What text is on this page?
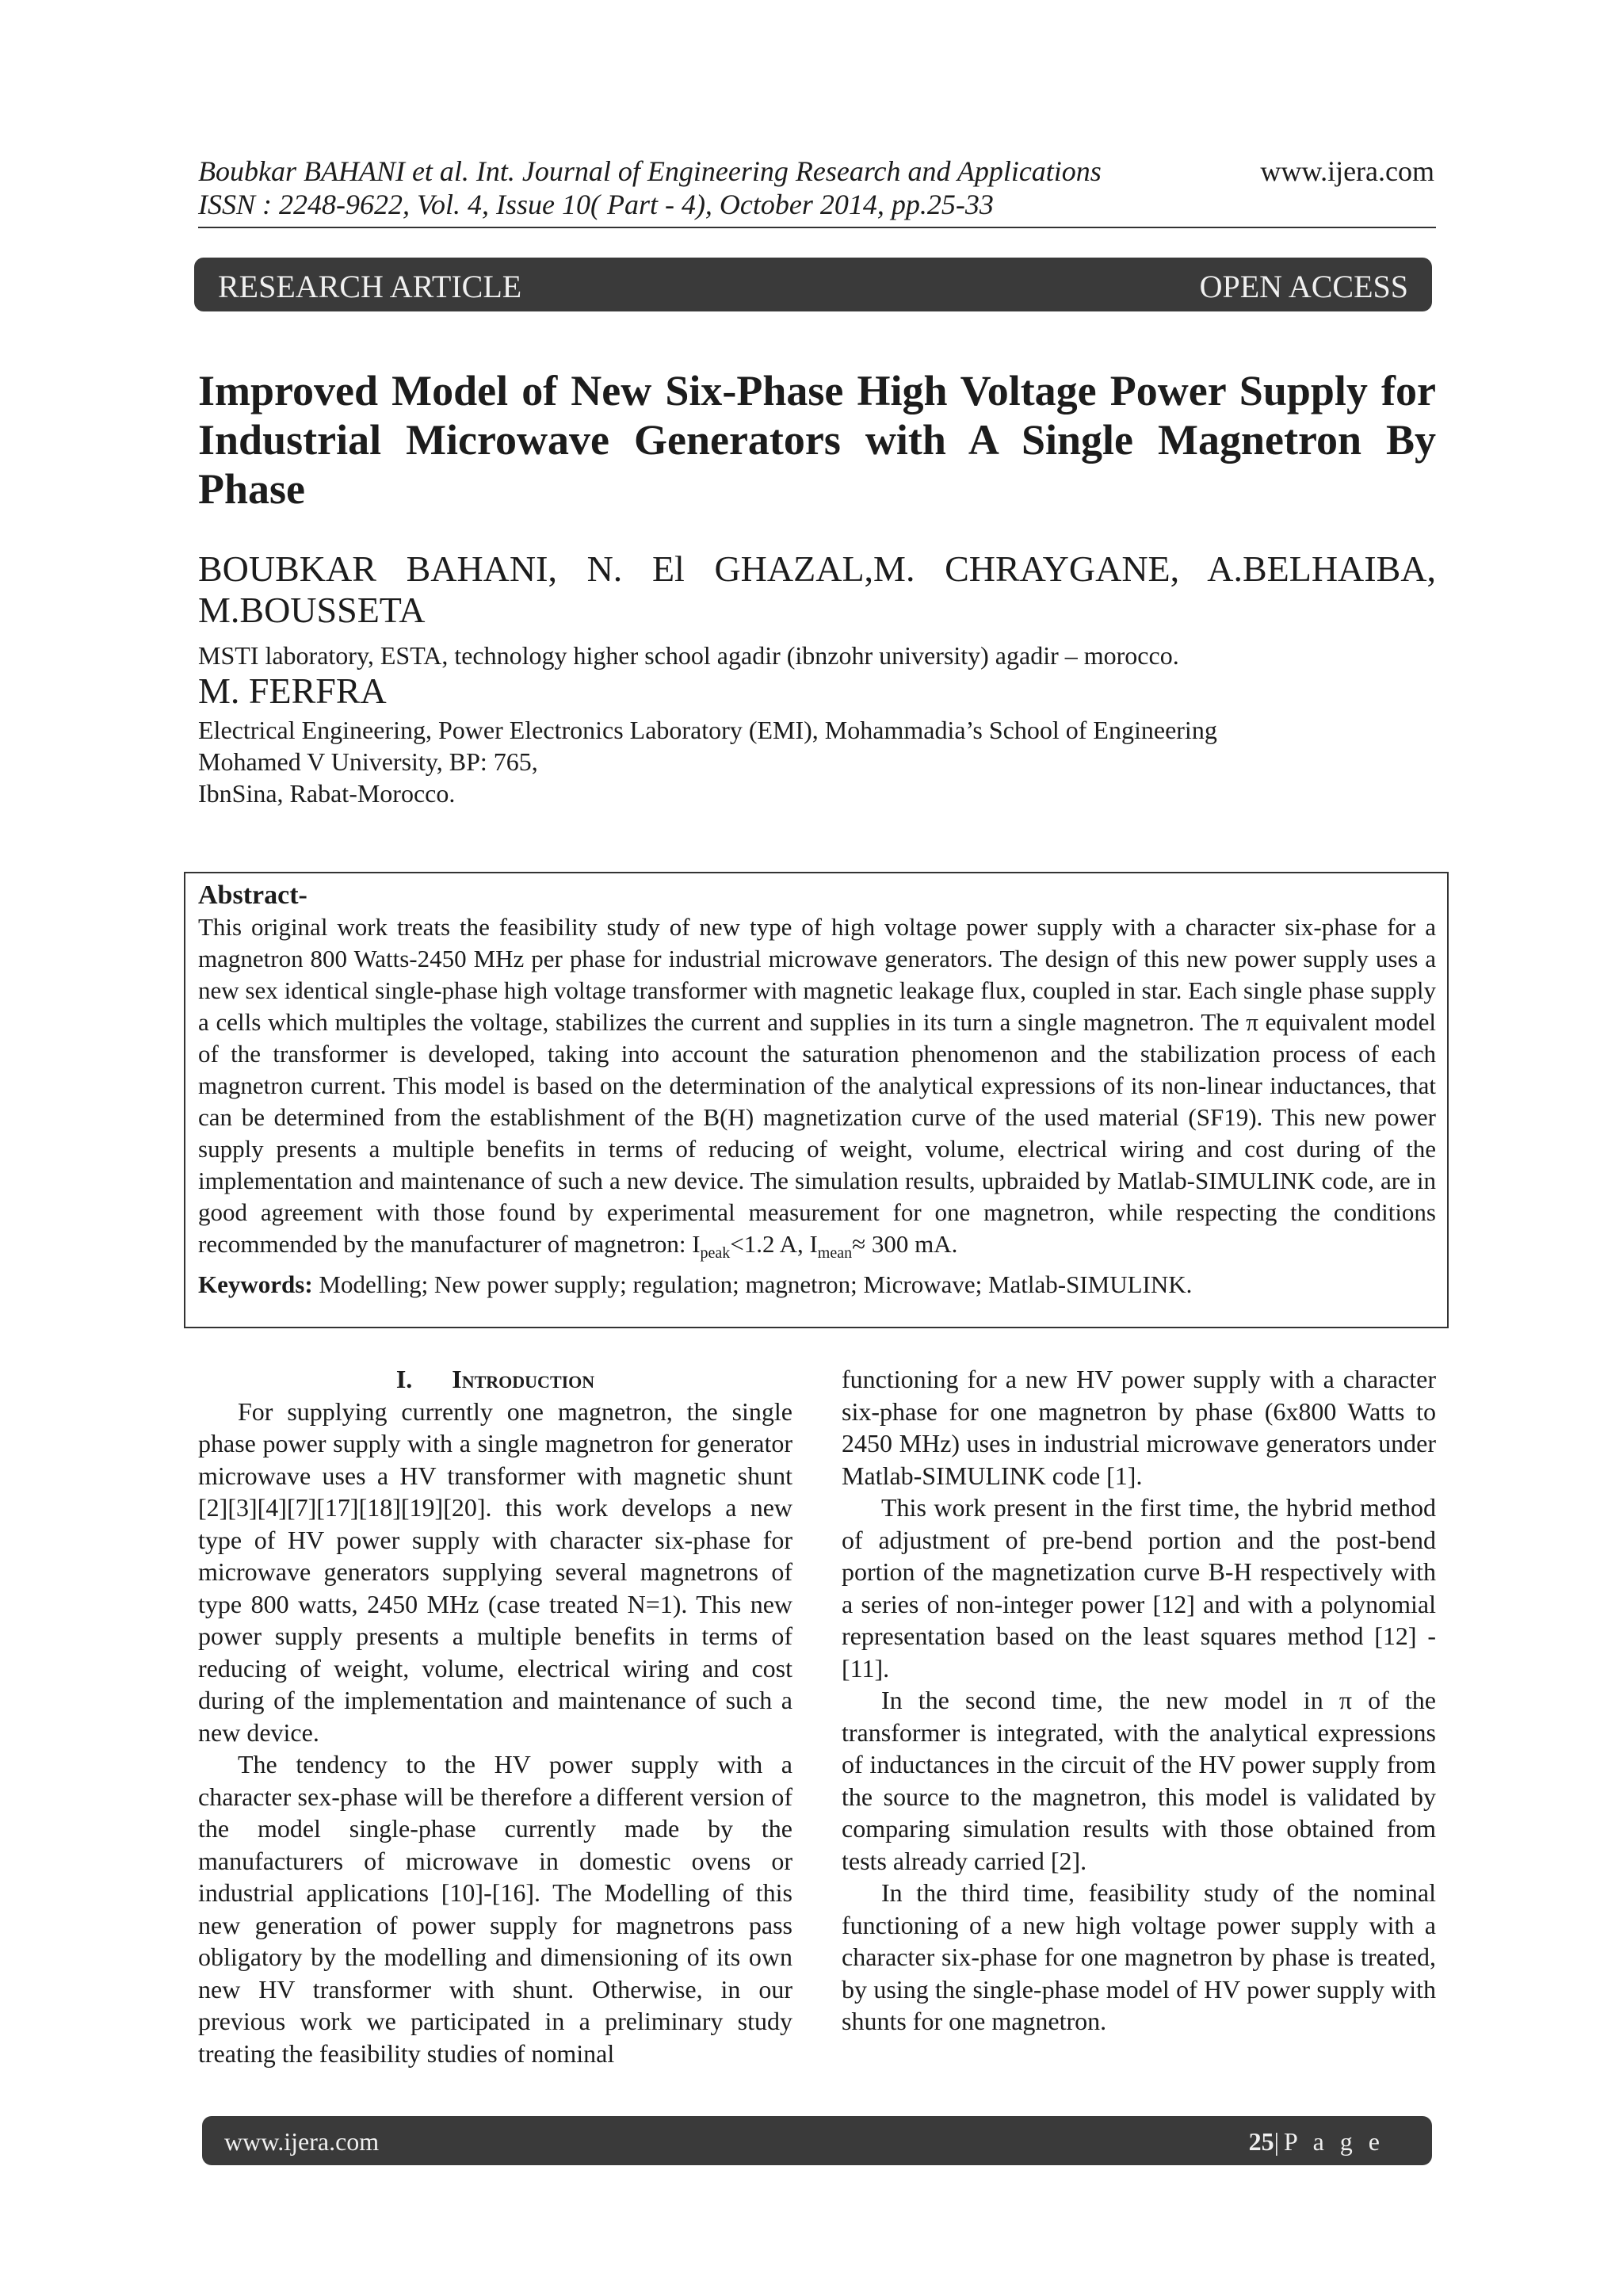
Boubkar BAHANI et al. Int. Journal of Engineering Research and Applications
ISSN : 2248-9622, Vol. 4, Issue 10( Part - 4), October 2014, pp.25-33
www.ijera.com
RESEARCH ARTICLE	OPEN ACCESS
Improved Model of New Six-Phase High Voltage Power Supply for Industrial Microwave Generators with A Single Magnetron By Phase
BOUBKAR BAHANI, N. El GHAZAL,M. CHRAYGANE, A.BELHAIBA, M.BOUSSETA
MSTI laboratory, ESTA, technology higher school agadir (ibnzohr university) agadir – morocco.
M. FERFRA
Electrical Engineering, Power Electronics Laboratory (EMI), Mohammadia’s School of Engineering
Mohamed V University, BP: 765,
IbnSina, Rabat-Morocco.
Abstract-
This original work treats the feasibility study of new type of high voltage power supply with a character six-phase for a magnetron 800 Watts-2450 MHz per phase for industrial microwave generators. The design of this new power supply uses a new sex identical single-phase high voltage transformer with magnetic leakage flux, coupled in star. Each single phase supply a cells which multiples the voltage, stabilizes the current and supplies in its turn a single magnetron. The π equivalent model of the transformer is developed, taking into account the saturation phenomenon and the stabilization process of each magnetron current. This model is based on the determination of the analytical expressions of its non-linear inductances, that can be determined from the establishment of the B(H) magnetization curve of the used material (SF19). This new power supply presents a multiple benefits in terms of reducing of weight, volume, electrical wiring and cost during of the implementation and maintenance of such a new device. The simulation results, upbraided by Matlab-SIMULINK code, are in good agreement with those found by experimental measurement for one magnetron, while respecting the conditions recommended by the manufacturer of magnetron: $I_{peak}<1.2$ A, $I_{mean}\approx 300$ mA.
Keywords: Modelling; New power supply; regulation; magnetron; Microwave; Matlab-SIMULINK.
I. Introduction

For supplying currently one magnetron, the single phase power supply with a single magnetron for generator microwave uses a HV transformer with magnetic shunt [2][3][4][7][17][18][19][20]. this work develops a new type of HV power supply with character six-phase for microwave generators supplying several magnetrons of type 800 watts, 2450 MHz (case treated N=1). This new power supply presents a multiple benefits in terms of reducing of weight, volume, electrical wiring and cost during of the implementation and maintenance of such a new device.

The tendency to the HV power supply with a character sex-phase will be therefore a different version of the model single-phase currently made by the manufacturers of microwave in domestic ovens or industrial applications [10]-[16]. The Modelling of this new generation of power supply for magnetrons pass obligatory by the modelling and dimensioning of its own new HV transformer with shunt. Otherwise, in our previous work we participated in a preliminary study treating the feasibility studies of nominal

functioning for a new HV power supply with a character six-phase for one magnetron by phase (6x800 Watts to 2450 MHz) uses in industrial microwave generators under Matlab-SIMULINK code [1].

This work present in the first time, the hybrid method of adjustment of pre-bend portion and the post-bend portion of the magnetization curve B-H respectively with a series of non-integer power [12] and with a polynomial representation based on the least squares method [12] - [11].

In the second time, the new model in π of the transformer is integrated, with the analytical expressions of inductances in the circuit of the HV power supply from the source to the magnetron, this model is validated by comparing simulation results with those obtained from tests already carried [2].

In the third time, feasibility study of the nominal functioning of a new high voltage power supply with a character six-phase for one magnetron by phase is treated, by using the single-phase model of HV power supply with shunts for one magnetron.

www.ijera.com	25|P a g e
